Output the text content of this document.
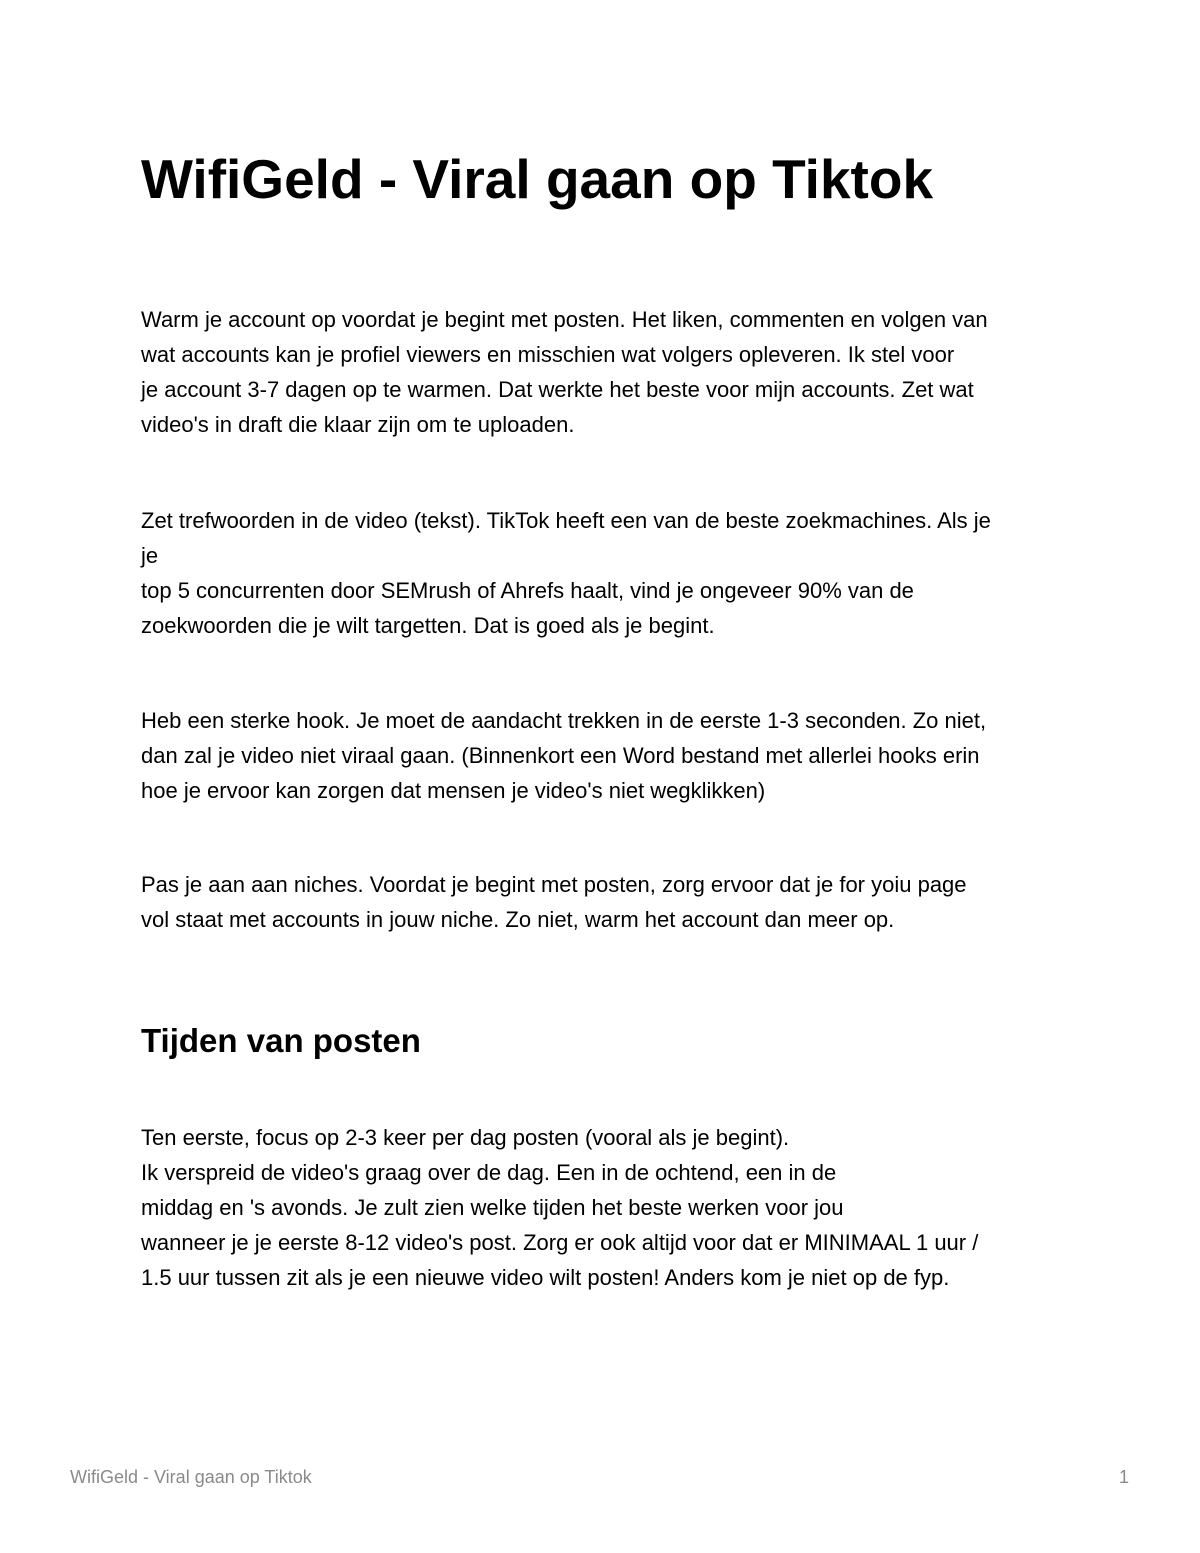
WifiGeld - Viral gaan op Tiktok

Warm je account op voordat je begint met posten. Het liken, commenten en volgen van
wat accounts kan je profiel viewers en misschien wat volgers opleveren. Ik stel voor
je account 3-7 dagen op te warmen. Dat werkte het beste voor mijn accounts. Zet wat
video's in draft die klaar zijn om te uploaden.

Zet trefwoorden in de video (tekst). TikTok heeft een van de beste zoekmachines. Als je
je
top 5 concurrenten door SEMrush of Ahrefs haalt, vind je ongeveer 90% van de
zoekwoorden die je wilt targetten. Dat is goed als je begint.

Heb een sterke hook. Je moet de aandacht trekken in de eerste 1-3 seconden. Zo niet,
dan zal je video niet viraal gaan. (Binnenkort een Word bestand met allerlei hooks erin
hoe je ervoor kan zorgen dat mensen je video's niet wegklikken)

Pas je aan aan niches. Voordat je begint met posten, zorg ervoor dat je for yoiu page
vol staat met accounts in jouw niche. Zo niet, warm het account dan meer op.

Tijden van posten

Ten eerste, focus op 2-3 keer per dag posten (vooral als je begint).
Ik verspreid de video's graag over de dag. Een in de ochtend, een in de
middag en 's avonds. Je zult zien welke tijden het beste werken voor jou
wanneer je je eerste 8-12 video's post. Zorg er ook altijd voor dat er MINIMAAL 1 uur /
1.5 uur tussen zit als je een nieuwe video wilt posten! Anders kom je niet op de fyp.

WifiGeld - Viral gaan op Tiktok	1
